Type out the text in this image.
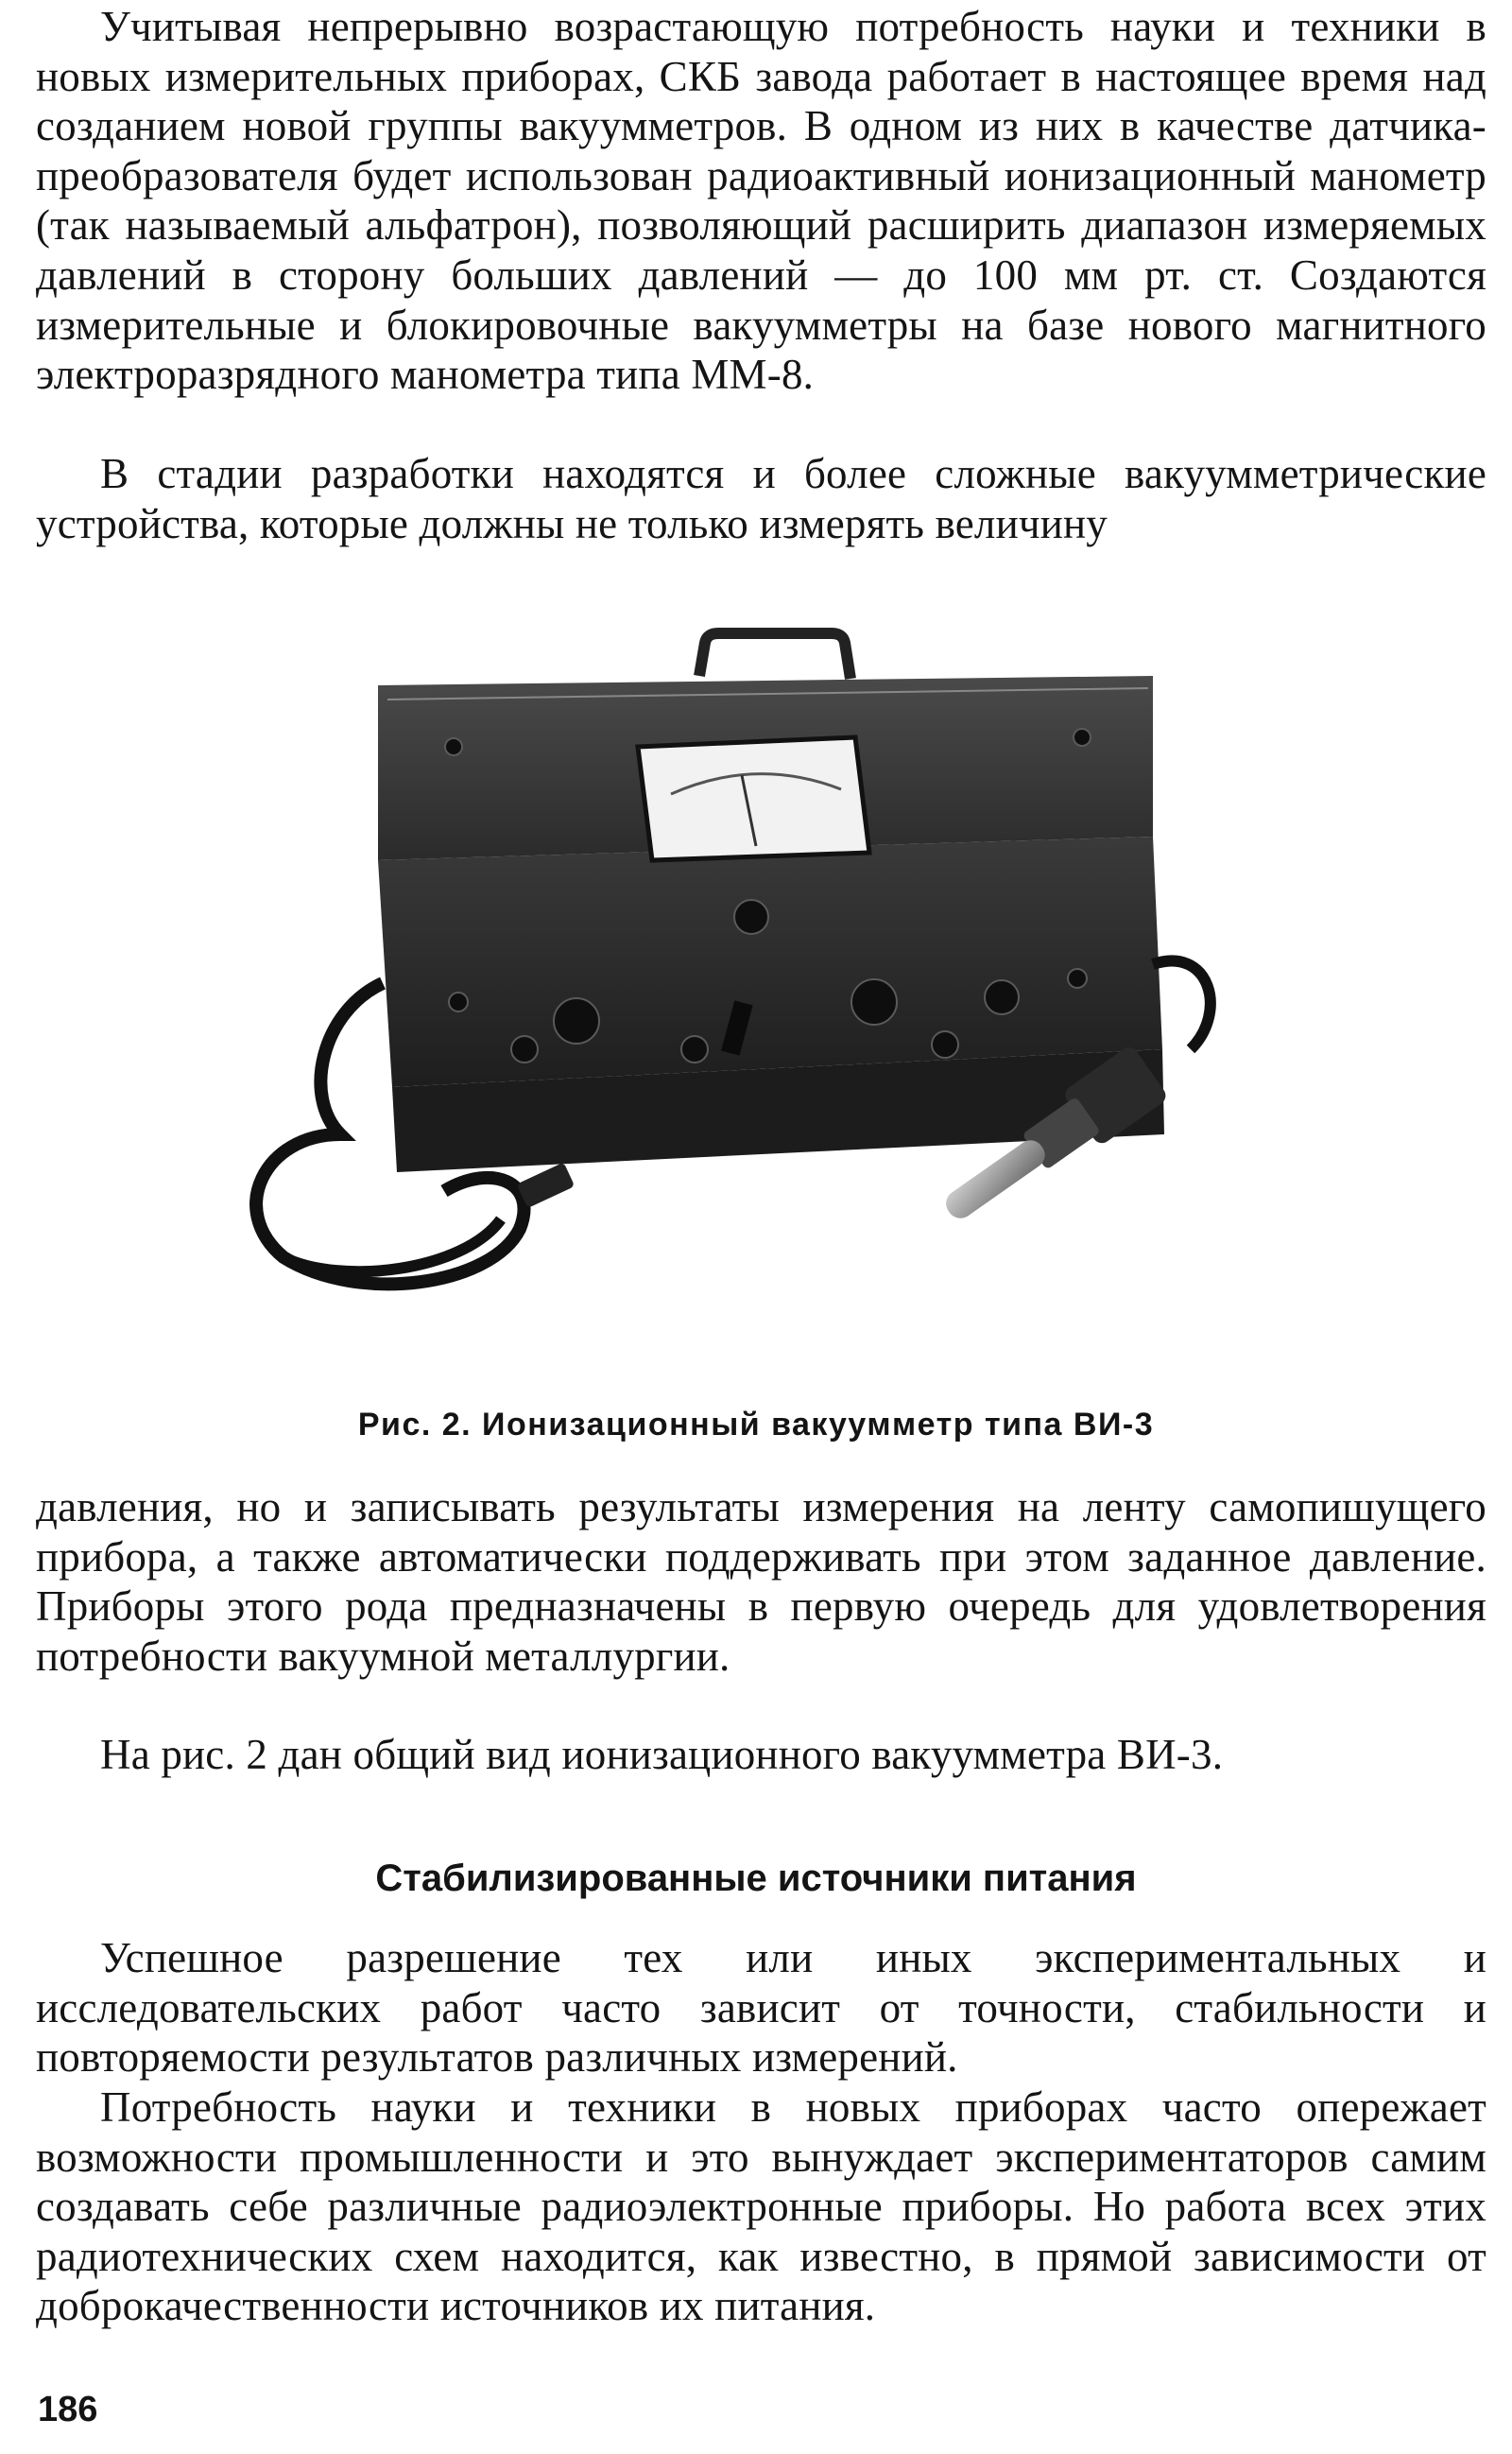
Учитывая непрерывно возрастающую потребность науки и техники в новых измерительных приборах, СКБ завода работает в настоящее время над созданием новой группы вакуумметров. В одном из них в качестве датчика-преобразователя будет использован радиоактивный ионизационный манометр (так называемый альфатрон), позволяющий расширить диапазон измеряемых давлений в сторону больших давлений — до 100 мм рт. ст. Создаются измерительные и блокировочные вакуумметры на базе нового магнитного электроразрядного манометра типа ММ-8.

В стадии разработки находятся и более сложные вакуумметрические устройства, которые должны не только измерять величину

Рис. 2. Ионизационный вакуумметр типа ВИ-3

давления, но и записывать результаты измерения на ленту самопишущего прибора, а также автоматически поддерживать при этом заданное давление. Приборы этого рода предназначены в первую очередь для удовлетворения потребности вакуумной металлургии.

На рис. 2 дан общий вид ионизационного вакуумметра ВИ-3.

Стабилизированные источники питания

Успешное разрешение тех или иных экспериментальных и исследовательских работ часто зависит от точности, стабильности и повторяемости результатов различных измерений.

Потребность науки и техники в новых приборах часто опережает возможности промышленности и это вынуждает экспериментаторов самим создавать себе различные радиоэлектронные приборы. Но работа всех этих радиотехнических схем находится, как известно, в прямой зависимости от доброкачественности источников их питания.

186
